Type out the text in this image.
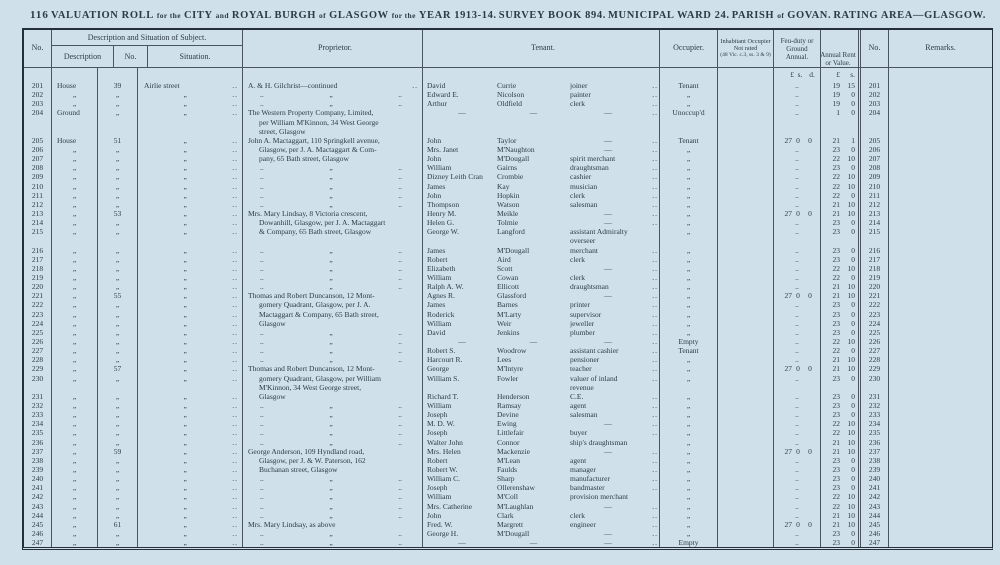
116 VALUATION ROLL for the CITY and ROYAL BURGH of GLASGOW for the YEAR 1913-14. SURVEY BOOK 894. MUNICIPAL WARD 24. PARISH of GOVAN. RATING AREA—GLASGOW.
No.
Description and Situation of Subject.
Description	No.	Situation.
Proprietor.	Tenant.	Occupier.
Inhabitant Occupier
Not rated
(48 Vic. c.3, ss. 3 & 9)
Feu-duty or Ground Annual.	Annual Rent or Value.
No.	Remarks.
£ s. d.	£	s.
201	House	39	Airlie street	..	A. & H. Gilchrist—continued	.. David	Currie	joiner	..	Tenant	..	19	15	201
202	„	„	„	..	..	„	..	Edward E.	Nicolson	painter	..	„	..	19	0	202
203	„	„	„	..	..	„	..	Arthur	Oldfield	clerk	..	„	..	19	0	203
204	Ground	„	„	..	The Western Property Company, Limited,	—	—	—	..	Unoccup'd	..	1	0	204
per William M'Kinnon, 34 West George
street, Glasgow
205	House	51	„	..	John A. Mactaggart, 110 Springkell avenue,	John	Taylor	—	..	Tenant	27 0	0	21	1	205
206	„	„	„	..	Glasgow, per J. A. Mactaggart & Com-	Mrs. Janet	M'Naughton	—	..	„	..	23	0	206
207	„	„	„	..	pany, 65 Bath street, Glasgow	John	M'Dougall	spirit merchant	..	„	..	22	10	207
208	„	„	„	..	..	„	..	William	Gairns	draughtsman	..	„	..	23	0	208
209	„	„	„	..	..	„	..	Dizney Leith Cran	Crombie	cashier	..	„	..	22	10	209
210	„	„	„	..	..	„	..	James	Kay	musician	..	„	..	22	10	210
211	„	„	„	..	..	„	..	John	Hopkin	clerk	..	„	..	22	0	211
212	„	„	„	..	..	„	..	Thompson	Watson	salesman	..	„	..	21	10	212
213	„	53	„	..	Mrs. Mary Lindsay, 8 Victoria crescent,	Henry M.	Meikle	—	..	„	27 0	0	21	10	213
214	„	„	„	..	Dowanhill, Glasgow, per J. A. Mactaggart	Helen G.	Tolmie	—	..	„	..	23	0	214
215	„	„	„	..	& Company, 65 Bath street, Glasgow	George W.	Langford	assistant Admiralty	„	..	23	0	215
overseer
216	„	„	„	..	..	„	..	James	M'Dougall	merchant	..	„	..	23	0	216
217	„	„	„	..	..	„	..	Robert	Aird	clerk	..	„	..	23	0	217
218	„	„	„	..	..	„	..	Elizabeth	Scott	—	..	„	..	22	10	218
219	„	„	„	..	..	„	..	William	Cowan	clerk	..	„	..	22	0	219
220	„	„	„	..	..	„	..	Ralph A. W.	Ellicott	draughtsman	..	„	..	21	10	220
221	„	55	„	..	Thomas and Robert Duncanson, 12 Mont-	Agnes R.	Glassford	—	..	„	27 0	0	21	10	221
222	„	„	„	..	gomery Quadrant, Glasgow, per J. A.	James	Barnes	printer	..	„	..	23	0	222
223	„	„	„	..	Mactaggart & Company, 65 Bath street,	Roderick	M'Larty	supervisor	..	„	..	23	0	223
224	„	„	„	..	Glasgow	William	Weir	jeweller	..	„	..	23	0	224
225	„	„	„	..	..	„	..	David	Jenkins	plumber	..	„	..	23	0	225
226	„	„	„	..	..	„	..	—	—	—	..	Empty	..	22	10	226
227	„	„	„	..	..	„	..	Robert S.	Woodrow	assistant cashier	..	Tenant	..	22	0	227
228	„	„	„	..	..	„	..	Harcourt R.	Lees	pensioner	..	„	..	21	10	228
229	„	57	„	..	Thomas and Robert Duncanson, 12 Mont-	George	M'Intyre	teacher	..	„	27 0	0	21	10	229
230	„	„	„	..	gomery Quadrant, Glasgow, per William	William S.	Fowler	valuer of inland	..	„	..	23	0	230
M'Kinnon, 34 West George street,	revenue
231	„	„	„	..	Glasgow	Richard T.	Henderson	C.E.	..	„	..	23	0	231
232	„	„	„	..	..	„	..	William	Ramsay	agent	..	„	..	23	0	232
233	„	„	„	..	..	„	..	Joseph	Devine	salesman	..	„	..	23	0	233
234	„	„	„	..	..	„	..	M. D. W.	Ewing	—	..	„	..	22	10	234
235	„	„	„	..	..	„	..	Joseph	Littlefair	buyer	..	„	..	22	10	235
236	„	„	„	..	..	„	..	Walter John	Connor	ship's draughtsman	„	..	21	10	236
237	„	59	„	..	George Anderson, 109 Hyndland road,	Mrs. Helen	Mackenzie	—	..	„	27 0	0	21	10	237
238	„	„	„	..	Glasgow, per J. & W. Paterson, 162	Robert	M'Lean	agent	..	„	..	23	0	238
239	„	„	„	..	Buchanan street, Glasgow	Robert W.	Faulds	manager	..	„	..	23	0	239
240	„	„	„	..	..	„	..	William C.	Sharp	manufacturer	..	„	..	23	0	240
241	„	„	„	..	..	„	..	Joseph	Ollerenshaw	bandmaster	..	„	..	23	0	241
242	„	„	„	..	..	„	..	William	M'Coll	provision merchant	„	..	22	10	242
243	„	„	„	..	..	„	..	Mrs. Catherine	M'Laughlan	—	..	„	..	22	10	243
244	„	„	„	..	..	„	..	John	Clark	clerk	..	„	..	21	10	244
245	„	61	„	..	Mrs. Mary Lindsay, as above	Fred. W.	Margrett	engineer	..	„	27 0	0	21	10	245
246	„	„	„	..	..	„	..	George H.	M'Dougall	—	..	„	..	23	0	246
247	„	„	„	..	..	„	..	—	—	—	..	Empty	..	23	0	247
